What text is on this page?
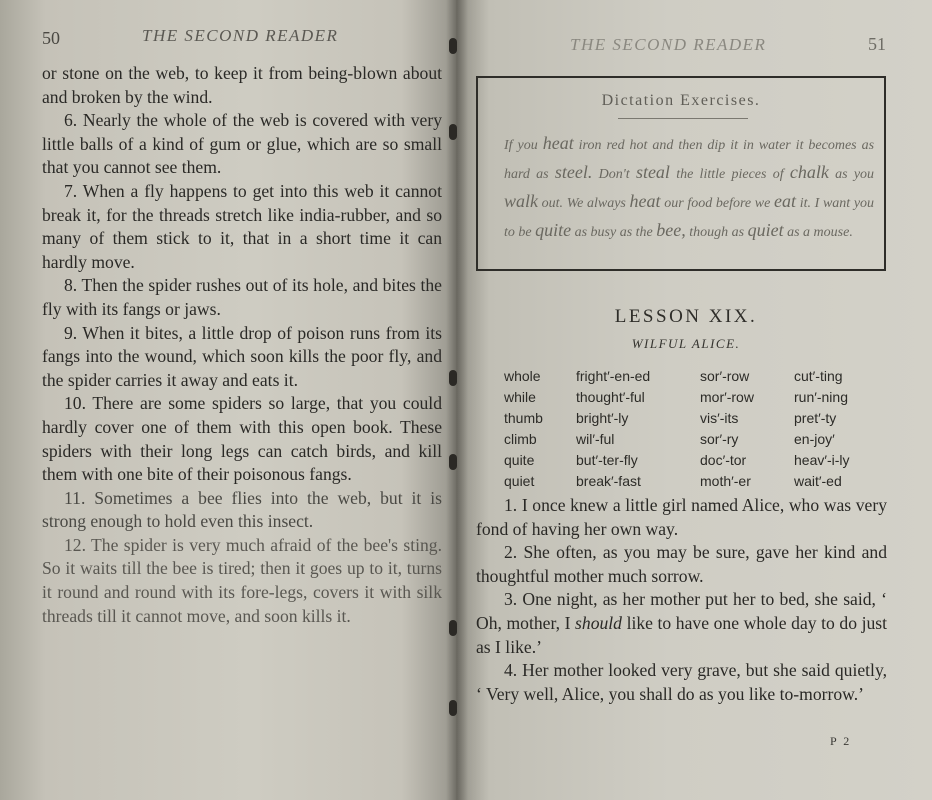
50	THE SECOND READER

or stone on the web, to keep it from being-blown about and broken by the wind.

6. Nearly the whole of the web is covered with very little balls of a kind of gum or glue, which are so small that you cannot see them.

7. When a fly happens to get into this web it cannot break it, for the threads stretch like india-rubber, and so many of them stick to it, that in a short time it can hardly move.

8. Then the spider rushes out of its hole, and bites the fly with its fangs or jaws.

9. When it bites, a little drop of poison runs from its fangs into the wound, which soon kills the poor fly, and the spider carries it away and eats it.

10. There are some spiders so large, that you could hardly cover one of them with this open book. These spiders with their long legs can catch birds, and kill them with one bite of their poisonous fangs.

11. Sometimes a bee flies into the web, but it is strong enough to hold even this insect.

12. The spider is very much afraid of the bee's sting. So it waits till the bee is tired; then it goes up to it, turns it round and round with its fore-legs, covers it with silk threads till it cannot move, and soon kills it.

THE SECOND READER	51
Dictation Exercises.
If you heat iron red hot and then dip it in water it becomes as hard as steel. Don't steal the little pieces of chalk as you walk out. We always heat our food before we eat it. I want you to be quite as busy as the bee, though as quiet as a mouse.
LESSON XIX.
WILFUL ALICE.
whole
while
thumb
climb
quite
quiet
fright′-en-ed
thought′-ful
bright′-ly
wil′-ful
but′-ter-fly
break′-fast
sor′-row
mor′-row
vis′-its
sor′-ry
doc′-tor
moth′-er
cut′-ting
run′-ning
pret′-ty
en-joy′
heav′-i-ly
wait′-ed

1. I once knew a little girl named Alice, who was very fond of having her own way.

2. She often, as you may be sure, gave her kind and thoughtful mother much sorrow.

3. One night, as her mother put her to bed, she said, ‘ Oh, mother, I should like to have one whole day to do just as I like.’

4. Her mother looked very grave, but she said quietly, ‘ Very well, Alice, you shall do as you like to-morrow.’

P 2
